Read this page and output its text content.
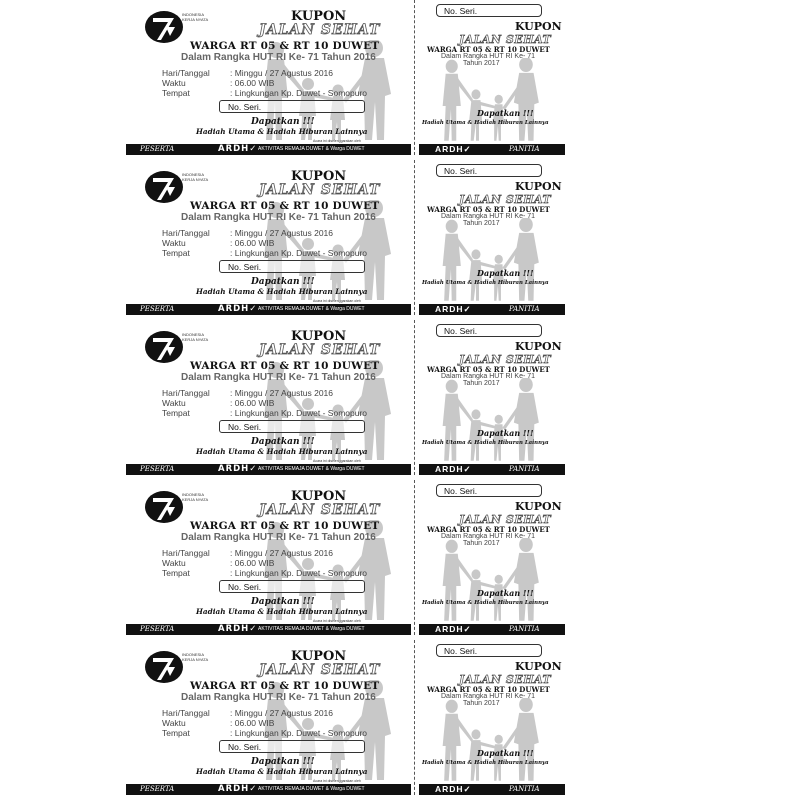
INDONESIA
KERJA NYATA	KUPON
JALAN SEHAT
WARGA RT 05 & RT 10 DUWET
Dalam Rangka HUT RI Ke- 71 Tahun 2016
Hari/Tanggal	: Minggu / 27 Agustus 2016
Waktu	: 06.00 WIB
Tempat	: Lingkungan Kp. Duwet - Somopuro
No. Seri.
Dapatkan !!!
Hadiah Utama & Hadiah Hiburan Lainnya
Acara ini diselenggarakan oleh
PESERTA	ARDH✓ AKTIVITAS REMAJA DUWET & Warga DUWET
No. Seri.
KUPON
JALAN SEHAT
WARGA RT 05 & RT 10 DUWET
Dalam Rangka HUT RI Ke- 71
Tahun 2017
Dapatkan !!!
Hadiah Utama & Hadiah Hiburan Lainnya
ARDH✓	PANITIA
INDONESIA
KERJA NYATA	KUPON
JALAN SEHAT
WARGA RT 05 & RT 10 DUWET
Dalam Rangka HUT RI Ke- 71 Tahun 2016
Hari/Tanggal	: Minggu / 27 Agustus 2016
Waktu	: 06.00 WIB
Tempat	: Lingkungan Kp. Duwet - Somopuro
No. Seri.
Dapatkan !!!
Hadiah Utama & Hadiah Hiburan Lainnya
Acara ini diselenggarakan oleh
PESERTA	ARDH✓ AKTIVITAS REMAJA DUWET & Warga DUWET
No. Seri.
KUPON
JALAN SEHAT
WARGA RT 05 & RT 10 DUWET
Dalam Rangka HUT RI Ke- 71
Tahun 2017
Dapatkan !!!
Hadiah Utama & Hadiah Hiburan Lainnya
ARDH✓	PANITIA
INDONESIA
KERJA NYATA	KUPON
JALAN SEHAT
WARGA RT 05 & RT 10 DUWET
Dalam Rangka HUT RI Ke- 71 Tahun 2016
Hari/Tanggal	: Minggu / 27 Agustus 2016
Waktu	: 06.00 WIB
Tempat	: Lingkungan Kp. Duwet - Somopuro
No. Seri.
Dapatkan !!!
Hadiah Utama & Hadiah Hiburan Lainnya
Acara ini diselenggarakan oleh
PESERTA	ARDH✓ AKTIVITAS REMAJA DUWET & Warga DUWET
No. Seri.
KUPON
JALAN SEHAT
WARGA RT 05 & RT 10 DUWET
Dalam Rangka HUT RI Ke- 71
Tahun 2017
Dapatkan !!!
Hadiah Utama & Hadiah Hiburan Lainnya
ARDH✓	PANITIA
INDONESIA
KERJA NYATA	KUPON
JALAN SEHAT
WARGA RT 05 & RT 10 DUWET
Dalam Rangka HUT RI Ke- 71 Tahun 2016
Hari/Tanggal	: Minggu / 27 Agustus 2016
Waktu	: 06.00 WIB
Tempat	: Lingkungan Kp. Duwet - Somopuro
No. Seri.
Dapatkan !!!
Hadiah Utama & Hadiah Hiburan Lainnya
Acara ini diselenggarakan oleh
PESERTA	ARDH✓ AKTIVITAS REMAJA DUWET & Warga DUWET
No. Seri.
KUPON
JALAN SEHAT
WARGA RT 05 & RT 10 DUWET
Dalam Rangka HUT RI Ke- 71
Tahun 2017
Dapatkan !!!
Hadiah Utama & Hadiah Hiburan Lainnya
ARDH✓	PANITIA
INDONESIA
KERJA NYATA	KUPON
JALAN SEHAT
WARGA RT 05 & RT 10 DUWET
Dalam Rangka HUT RI Ke- 71 Tahun 2016
Hari/Tanggal	: Minggu / 27 Agustus 2016
Waktu	: 06.00 WIB
Tempat	: Lingkungan Kp. Duwet - Somopuro
No. Seri.
Dapatkan !!!
Hadiah Utama & Hadiah Hiburan Lainnya
Acara ini diselenggarakan oleh
PESERTA	ARDH✓ AKTIVITAS REMAJA DUWET & Warga DUWET
No. Seri.
KUPON
JALAN SEHAT
WARGA RT 05 & RT 10 DUWET
Dalam Rangka HUT RI Ke- 71
Tahun 2017
Dapatkan !!!
Hadiah Utama & Hadiah Hiburan Lainnya
ARDH✓	PANITIA
